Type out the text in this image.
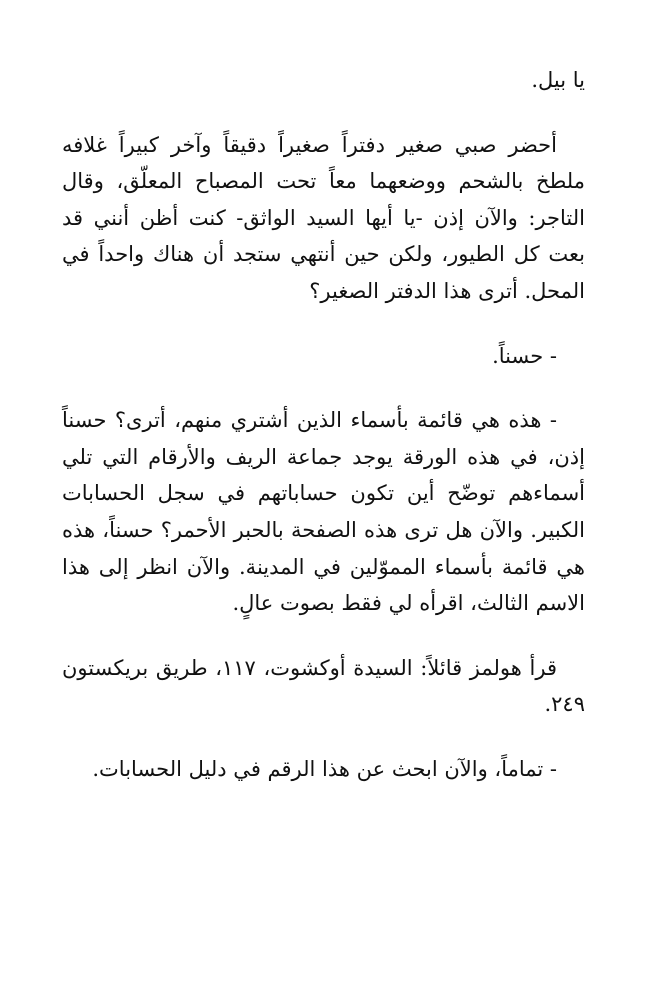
يا بيل.

أحضر صبي صغير دفتراً صغيراً دقيقاً وآخر كبيراً غلافه ملطخ بالشحم ووضعهما معاً تحت المصباح المعلّق، وقال التاجر: والآن إذن -يا أيها السيد الواثق- كنت أظن أنني قد بعت كل الطيور، ولكن حين أنتهي ستجد أن هناك واحداً في المحل. أترى هذا الدفتر الصغير؟

- حسناً.

- هذه هي قائمة بأسماء الذين أشتري منهم، أترى؟ حسناً إذن، في هذه الورقة يوجد جماعة الريف والأرقام التي تلي أسماءهم توضّح أين تكون حساباتهم في سجل الحسابات الكبير. والآن هل ترى هذه الصفحة بالحبر الأحمر؟ حسناً، هذه هي قائمة بأسماء المموّلين في المدينة. والآن انظر إلى هذا الاسم الثالث، اقرأه لي فقط بصوت عالٍ.

قرأ هولمز قائلاً: السيدة أوكشوت، ١١٧، طريق بريكستون ٢٤٩.

- تماماً، والآن ابحث عن هذا الرقم في دليل الحسابات.
